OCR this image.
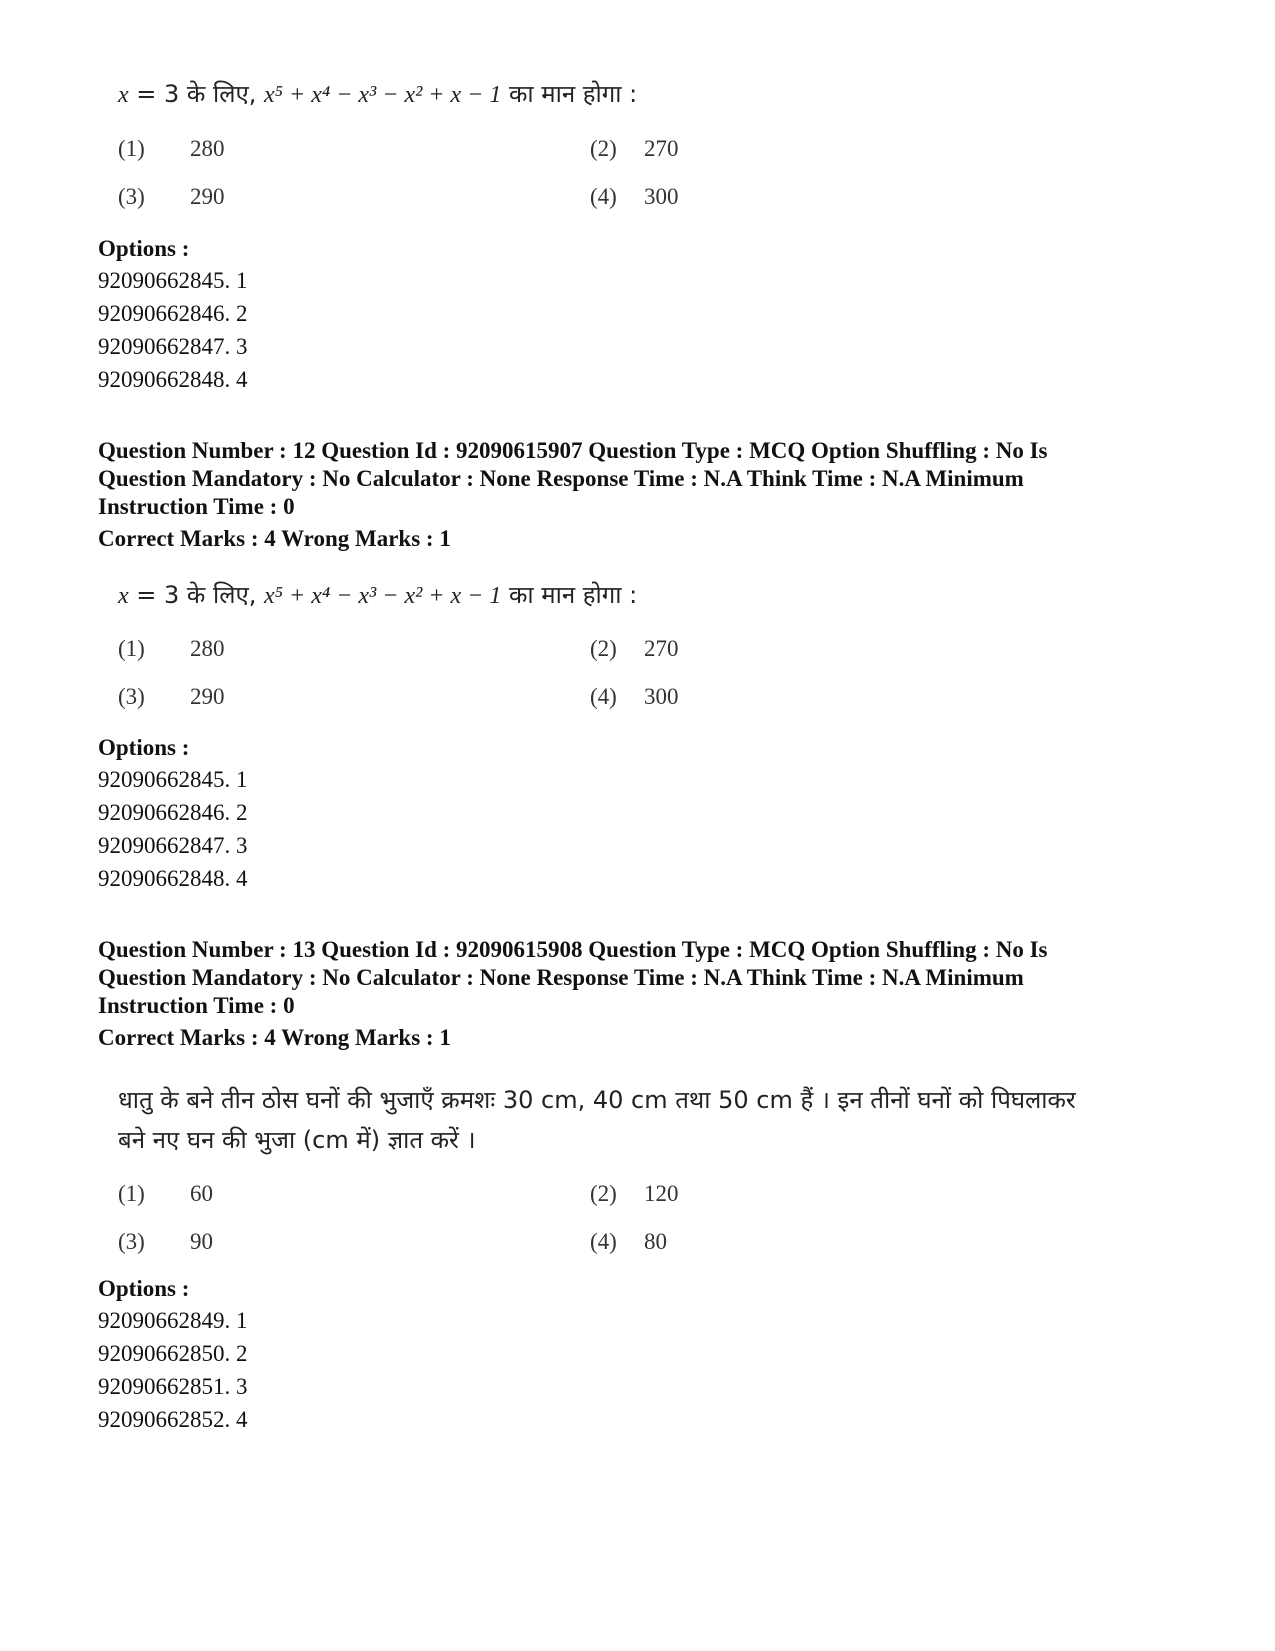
x = 3 के लिए, x⁵ + x⁴ − x³ − x² + x − 1 का मान होगा :
(1) 280	(2) 270
(3) 290	(4) 300
Options :
92090662845. 1
92090662846. 2
92090662847. 3
92090662848. 4
Question Number : 12 Question Id : 92090615907 Question Type : MCQ Option Shuffling : No Is
Question Mandatory : No Calculator : None Response Time : N.A Think Time : N.A Minimum
Instruction Time : 0
Correct Marks : 4 Wrong Marks : 1
x = 3 के लिए, x⁵ + x⁴ − x³ − x² + x − 1 का मान होगा :
(1) 280	(2) 270
(3) 290	(4) 300
Options :
92090662845. 1
92090662846. 2
92090662847. 3
92090662848. 4
Question Number : 13 Question Id : 92090615908 Question Type : MCQ Option Shuffling : No Is
Question Mandatory : No Calculator : None Response Time : N.A Think Time : N.A Minimum
Instruction Time : 0
Correct Marks : 4 Wrong Marks : 1
धातु के बने तीन ठोस घनों की भुजाएँ क्रमशः 30 cm, 40 cm तथा 50 cm हैं । इन तीनों घनों को पिघलाकर
बने नए घन की भुजा (cm में) ज्ञात करें ।
(1) 60	(2) 120
(3) 90	(4) 80
Options :
92090662849. 1
92090662850. 2
92090662851. 3
92090662852. 4
